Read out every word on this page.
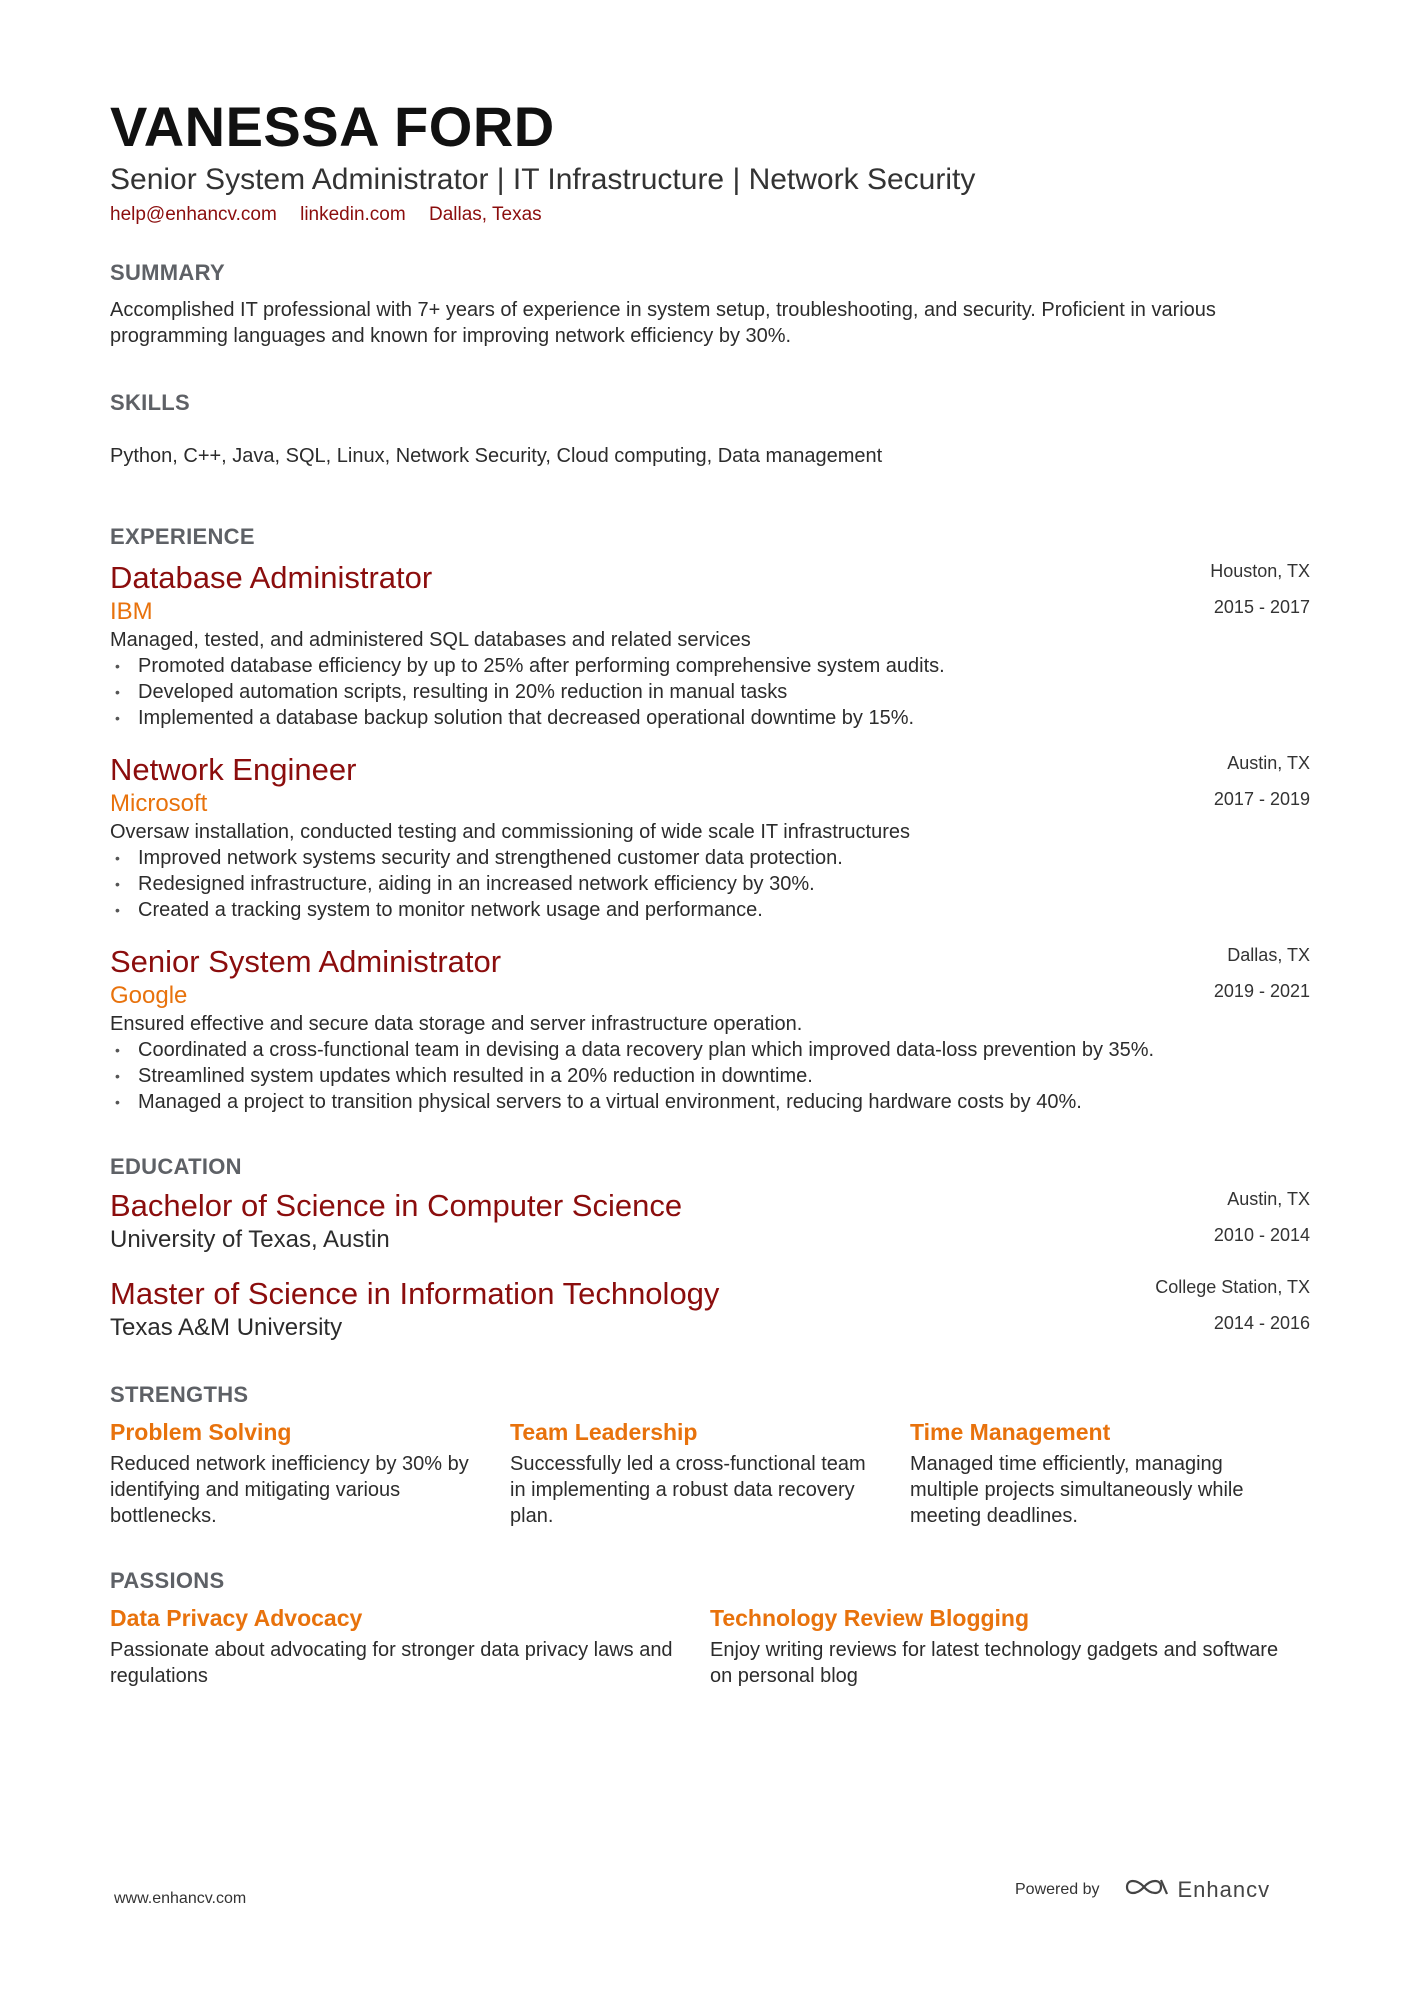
VANESSA FORD
Senior System Administrator | IT Infrastructure | Network Security
help@enhancv.com linkedin.com Dallas, Texas
SUMMARY
Accomplished IT professional with 7+ years of experience in system setup, troubleshooting, and security. Proficient in various programming languages and known for improving network efficiency by 30%.
SKILLS
Python, C++, Java, SQL, Linux, Network Security, Cloud computing, Data management
EXPERIENCE
Database Administrator
IBM
Houston, TX
2015 - 2017
Managed, tested, and administered SQL databases and related services
• Promoted database efficiency by up to 25% after performing comprehensive system audits.
• Developed automation scripts, resulting in 20% reduction in manual tasks
• Implemented a database backup solution that decreased operational downtime by 15%.
Network Engineer
Microsoft
Austin, TX
2017 - 2019
Oversaw installation, conducted testing and commissioning of wide scale IT infrastructures
• Improved network systems security and strengthened customer data protection.
• Redesigned infrastructure, aiding in an increased network efficiency by 30%.
• Created a tracking system to monitor network usage and performance.
Senior System Administrator
Google
Dallas, TX
2019 - 2021
Ensured effective and secure data storage and server infrastructure operation.
• Coordinated a cross-functional team in devising a data recovery plan which improved data-loss prevention by 35%.
• Streamlined system updates which resulted in a 20% reduction in downtime.
• Managed a project to transition physical servers to a virtual environment, reducing hardware costs by 40%.
EDUCATION
Bachelor of Science in Computer Science
University of Texas, Austin
Austin, TX
2010 - 2014
Master of Science in Information Technology
Texas A&M University
College Station, TX
2014 - 2016
STRENGTHS
Problem Solving
Reduced network inefficiency by 30% by identifying and mitigating various bottlenecks.
Team Leadership
Successfully led a cross-functional team in implementing a robust data recovery plan.
Time Management
Managed time efficiently, managing multiple projects simultaneously while meeting deadlines.
PASSIONS
Data Privacy Advocacy
Passionate about advocating for stronger data privacy laws and regulations
Technology Review Blogging
Enjoy writing reviews for latest technology gadgets and software on personal blog
www.enhancv.com
Powered by	Enhancv
